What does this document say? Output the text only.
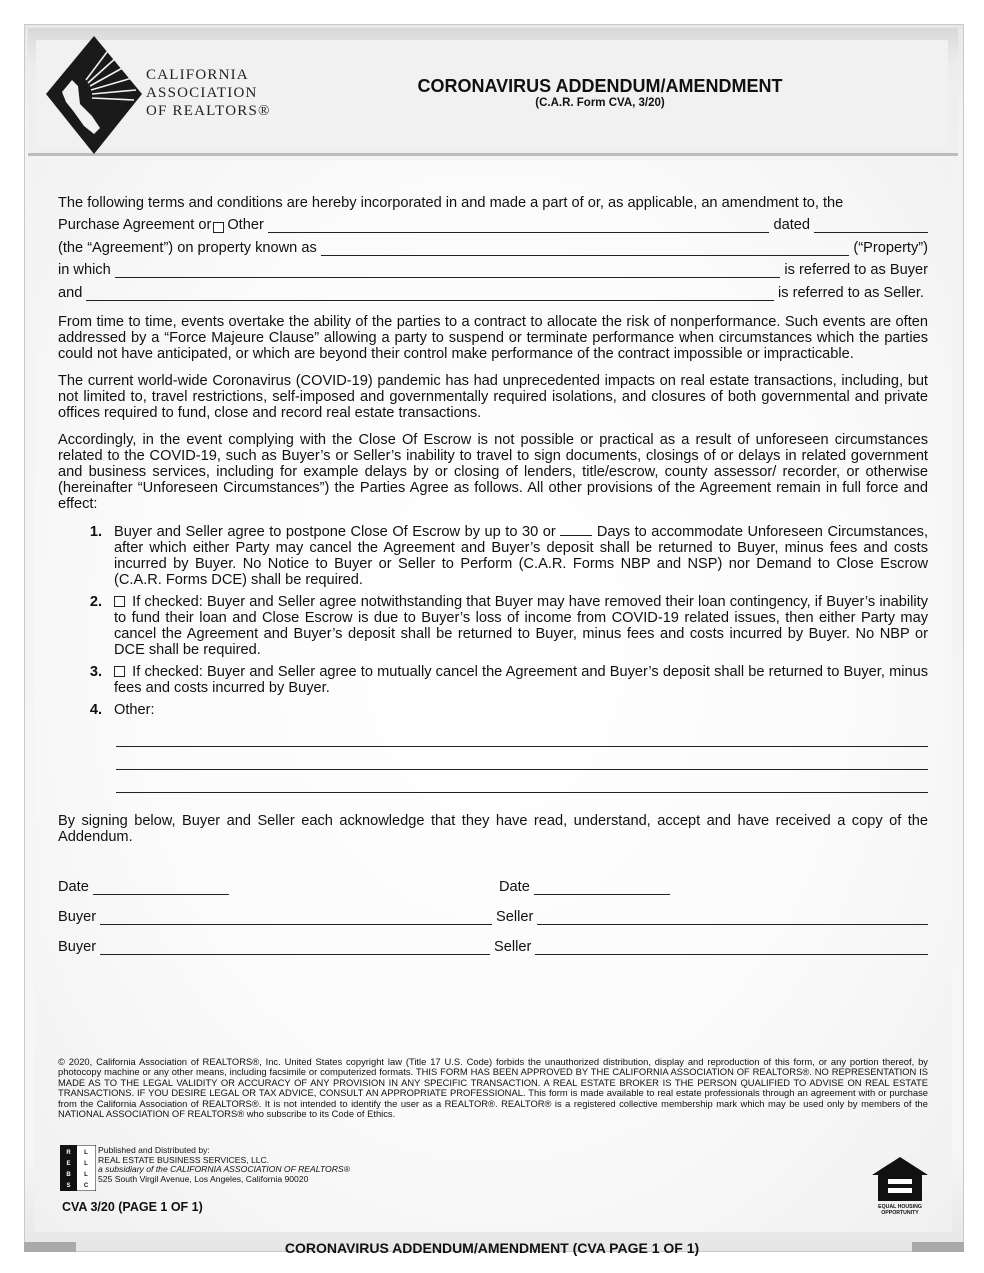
CALIFORNIA
ASSOCIATION
OF REALTORS®
CORONAVIRUS ADDENDUM/AMENDMENT
(C.A.R. Form CVA, 3/20)
The following terms and conditions are hereby incorporated in and made a part of or, as applicable, an amendment to, the
Purchase Agreement or Other	dated
(the “Agreement”) on property known as	(“Property”)
in which	is referred to as Buyer
and	is referred to as Seller.

From time to time, events overtake the ability of the parties to a contract to allocate the risk of nonperformance. Such events are often addressed by a “Force Majeure Clause” allowing a party to suspend or terminate performance when circumstances which the parties could not have anticipated, or which are beyond their control make performance of the contract impossible or impracticable.

The current world-wide Coronavirus (COVID-19) pandemic has had unprecedented impacts on real estate transactions, including, but not limited to, travel restrictions, self-imposed and governmentally required isolations, and closures of both governmental and private offices required to fund, close and record real estate transactions.

Accordingly, in the event complying with the Close Of Escrow is not possible or practical as a result of unforeseen circumstances related to the COVID-19, such as Buyer’s or Seller’s inability to travel to sign documents, closings of or delays in related government and business services, including for example delays by or closing of lenders, title/escrow, county assessor/ recorder, or otherwise (hereinafter “Unforeseen Circumstances”) the Parties Agree as follows. All other provisions of the Agreement remain in full force and effect:

1. Buyer and Seller agree to postpone Close Of Escrow by up to 30 or	Days to accommodate Unforeseen Circumstances, after which either Party may cancel the Agreement and Buyer’s deposit shall be returned to Buyer, minus fees and costs incurred by Buyer. No Notice to Buyer or Seller to Perform (C.A.R. Forms NBP and NSP) nor Demand to Close Escrow (C.A.R. Forms DCE) shall be required.
2.	If checked: Buyer and Seller agree notwithstanding that Buyer may have removed their loan contingency, if Buyer’s inability to fund their loan and Close Escrow is due to Buyer’s loss of income from COVID-19 related issues, then either Party may cancel the Agreement and Buyer’s deposit shall be returned to Buyer, minus fees and costs incurred by Buyer. No NBP or DCE shall be required.
3.	If checked: Buyer and Seller agree to mutually cancel the Agreement and Buyer’s deposit shall be returned to Buyer, minus fees and costs incurred by Buyer.
4. Other:

By signing below, Buyer and Seller each acknowledge that they have read, understand, accept and have received a copy of the Addendum.

Date	Date
Buyer	Seller
Buyer	Seller

© 2020, California Association of REALTORS®, Inc. United States copyright law (Title 17 U.S. Code) forbids the unauthorized distribution, display and reproduction of this form, or any portion thereof, by photocopy machine or any other means, including facsimile or computerized formats. THIS FORM HAS BEEN APPROVED BY THE CALIFORNIA ASSOCIATION OF REALTORS®. NO REPRESENTATION IS MADE AS TO THE LEGAL VALIDITY OR ACCURACY OF ANY PROVISION IN ANY SPECIFIC TRANSACTION. A REAL ESTATE BROKER IS THE PERSON QUALIFIED TO ADVISE ON REAL ESTATE TRANSACTIONS. IF YOU DESIRE LEGAL OR TAX ADVICE, CONSULT AN APPROPRIATE PROFESSIONAL. This form is made available to real estate professionals through an agreement with or purchase from the California Association of REALTORS®. It is not intended to identify the user as a REALTOR®. REALTOR® is a registered collective membership mark which may be used only by members of the NATIONAL ASSOCIATION OF REALTORS® who subscribe to its Code of Ethics.

R L
E L
B L
S C
Published and Distributed by:
REAL ESTATE BUSINESS SERVICES, LLC.
a subsidiary of the CALIFORNIA ASSOCIATION OF REALTORS®
525 South Virgil Avenue, Los Angeles, California 90020
CVA 3/20 (PAGE 1 OF 1)	EQUAL HOUSING
OPPORTUNITY
CORONAVIRUS ADDENDUM/AMENDMENT (CVA PAGE 1 OF 1)
